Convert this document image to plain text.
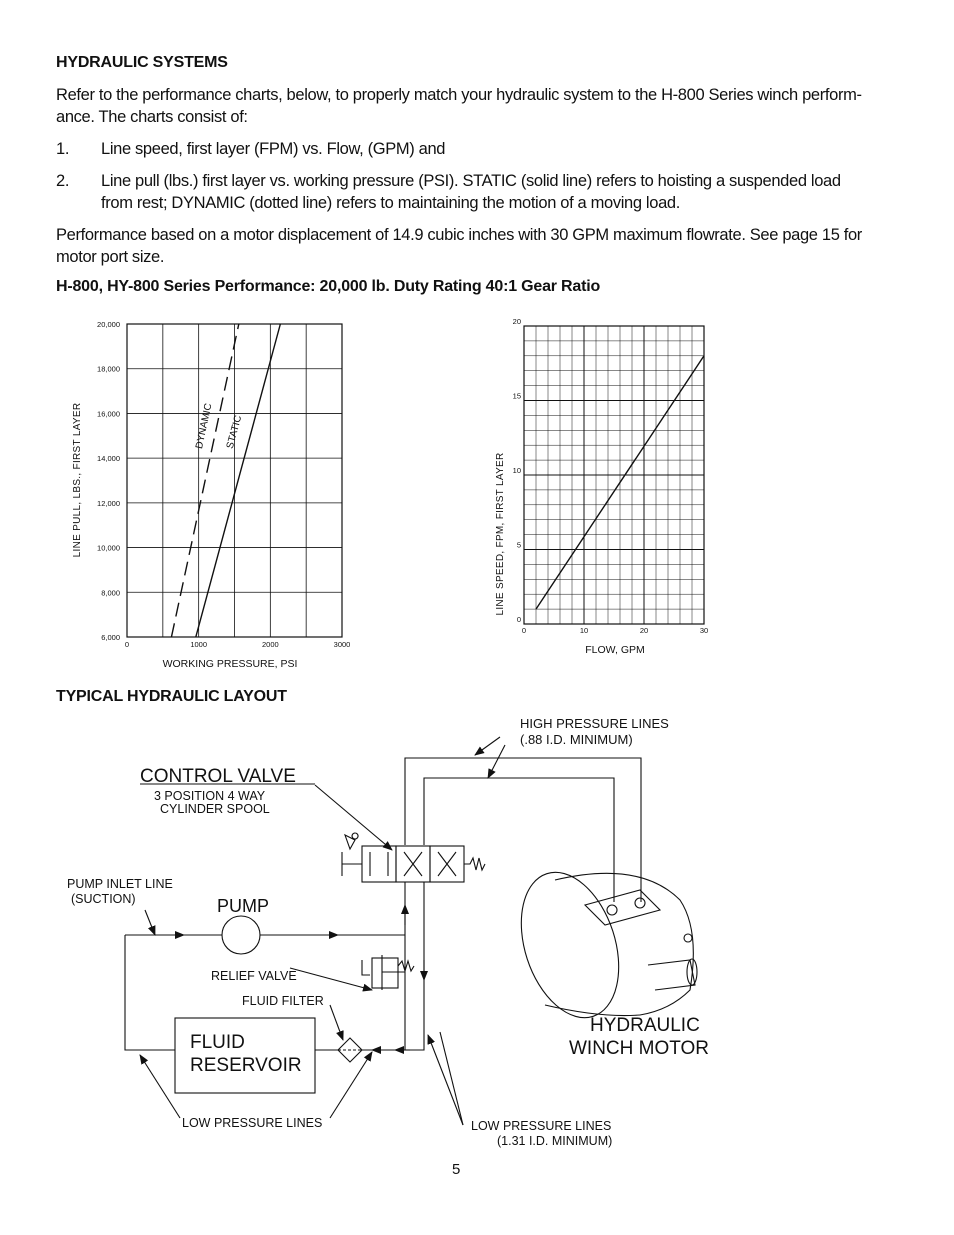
HYDRAULIC SYSTEMS
Refer to the performance charts, below, to properly match your hydraulic system to the H-800 Series winch perform-
ance. The charts consist of:
1.	Line speed, first layer (FPM) vs. Flow, (GPM) and
2.	Line pull (lbs.) first layer vs. working pressure (PSI). STATIC (solid line) refers to hoisting a suspended load
from rest; DYNAMIC (dotted line) refers to maintaining the motion of a moving load.
Performance based on a motor displacement of 14.9 cubic inches with 30 GPM maximum flowrate. See page 15 for
motor port size.
H-800, HY-800 Series Performance: 20,000 lb. Duty Rating 40:1 Gear Ratio
TYPICAL HYDRAULIC LAYOUT
5
0	1000	2000	3000
6,000
8,000
10,000
12,000
14,000
16,000
18,000
20,000
DYNAMIC STATIC
WORKING PRESSURE, PSI
LINE PULL, LBS., FIRST LAYER
0	10	20	30
0
5
10
15
20
FLOW, GPM
LINE SPEED, FPM, FIRST LAYER
HIGH PRESSURE LINES
(.88 I.D. MINIMUM)
CONTROL VALVE
3 POSITION 4 WAY
CYLINDER SPOOL
PUMP INLET LINE
(SUCTION)	PUMP
RELIEF VALVE
FLUID FILTER
FLUID
RESERVOIR
HYDRAULIC
WINCH MOTOR
LOW PRESSURE LINES	LOW PRESSURE LINES
(1.31 I.D. MINIMUM)
